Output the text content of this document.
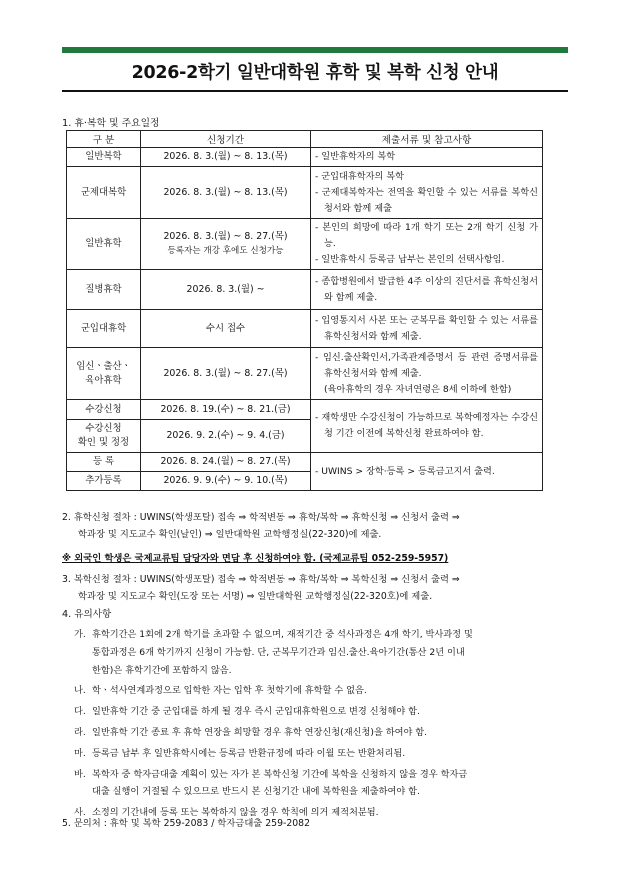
2026-2학기 일반대학원 휴학 및 복학 신청 안내
1. 휴·복학 및 주요일정
구 분	신청기간	제출서류 및 참고사항
일반복학	2026. 8. 3.(월) ~ 8. 13.(목)	- 일반휴학자의 복학

군제대복학	2026. 8. 3.(월) ~ 8. 13.(목)	- 군입대휴학자의 복학
- 군제대복학자는 전역을 확인할 수 있는 서류를 복학신청서와 함께 제출

일반휴학	2026. 8. 3.(월) ~ 8. 27.(목)
등록자는 개강 후에도 신청가능	- 본인의 희망에 따라 1개 학기 또는 2개 학기 신청 가능.
- 일반휴학시 등록금 납부는 본인의 선택사항임.

질병휴학	2026. 8. 3.(월) ~	- 종합병원에서 발급한 4주 이상의 진단서를 휴학신청서와 함께 제출.

군입대휴학	수시 접수	- 입영통지서 사본 또는 군복무를 확인할 수 있는 서류를 휴학신청서와 함께 제출.

임신ㆍ출산ㆍ
육아휴학	2026. 8. 3.(월) ~ 8. 27.(목)	- 임신.출산확인서,가족관계증명서 등 관련 증명서류를 휴학신청서와 함께 제출.
(육아휴학의 경우 자녀연령은 8세 이하에 한함)

수강신청	2026. 8. 19.(수) ~ 8. 21.(금)	- 재학생만 수강신청이 가능하므로 복학예정자는 수강신청 기간 이전에 복학신청 완료하여야 함.

수강신청
확인 및 정정	2026. 9. 2.(수) ~ 9. 4.(금)	
등 록	2026. 8. 24.(월) ~ 8. 27.(목)	- UWINS > 장학·등록 > 등록금고지서 출력.

추가등록	2026. 9. 9.(수) ~ 9. 10.(목)	
2. 휴학신청 절차 : UWINS(학생포탈) 접속 ⇒ 학적변동 ⇒ 휴학/복학 ⇒ 휴학신청 ⇒ 신청서 출력 ⇒
학과장 및 지도교수 확인(날인) ⇒ 일반대학원 교학행정실(22-320)에 제출.
※ 외국인 학생은 국제교류팀 담당자와 면담 후 신청하여야 함. (국제교류팀 052-259-5957)
3. 복학신청 절차 : UWINS(학생포탈) 접속 ⇒ 학적변동 ⇒ 휴학/복학 ⇒ 복학신청 ⇒ 신청서 출력 ⇒
학과장 및 지도교수 확인(도장 또는 서명) ⇒ 일반대학원 교학행정실(22-320호)에 제출.
4. 유의사항
가. 휴학기간은 1회에 2개 학기를 초과할 수 없으며, 재적기간 중 석사과정은 4개 학기, 박사과정 및
통합과정은 6개 학기까지 신청이 가능함. 단, 군복무기간과 임신.출산.육아기간(통산 2년 이내
한함)은 휴학기간에 포함하지 않음.
나. 학ㆍ석사연계과정으로 입학한 자는 입학 후 첫학기에 휴학할 수 없음.
다. 일반휴학 기간 중 군입대를 하게 될 경우 즉시 군입대휴학원으로 변경 신청해야 함.
라. 일반휴학 기간 종료 후 휴학 연장을 희망할 경우 휴학 연장신청(재신청)을 하여야 함.
마. 등록금 납부 후 일반휴학시에는 등록금 반환규정에 따라 이월 또는 반환처리됨.
바. 복학자 중 학자금대출 계획이 있는 자가 본 복학신청 기간에 복학을 신청하지 않을 경우 학자금
대출 실행이 거절될 수 있으므로 반드시 본 신청기간 내에 복학원을 제출하여야 함.
사. 소정의 기간내에 등록 또는 복학하지 않을 경우 학칙에 의거 제적처분됨.
5. 문의처 : 휴학 및 복학 259-2083 / 학자금대출 259-2082
